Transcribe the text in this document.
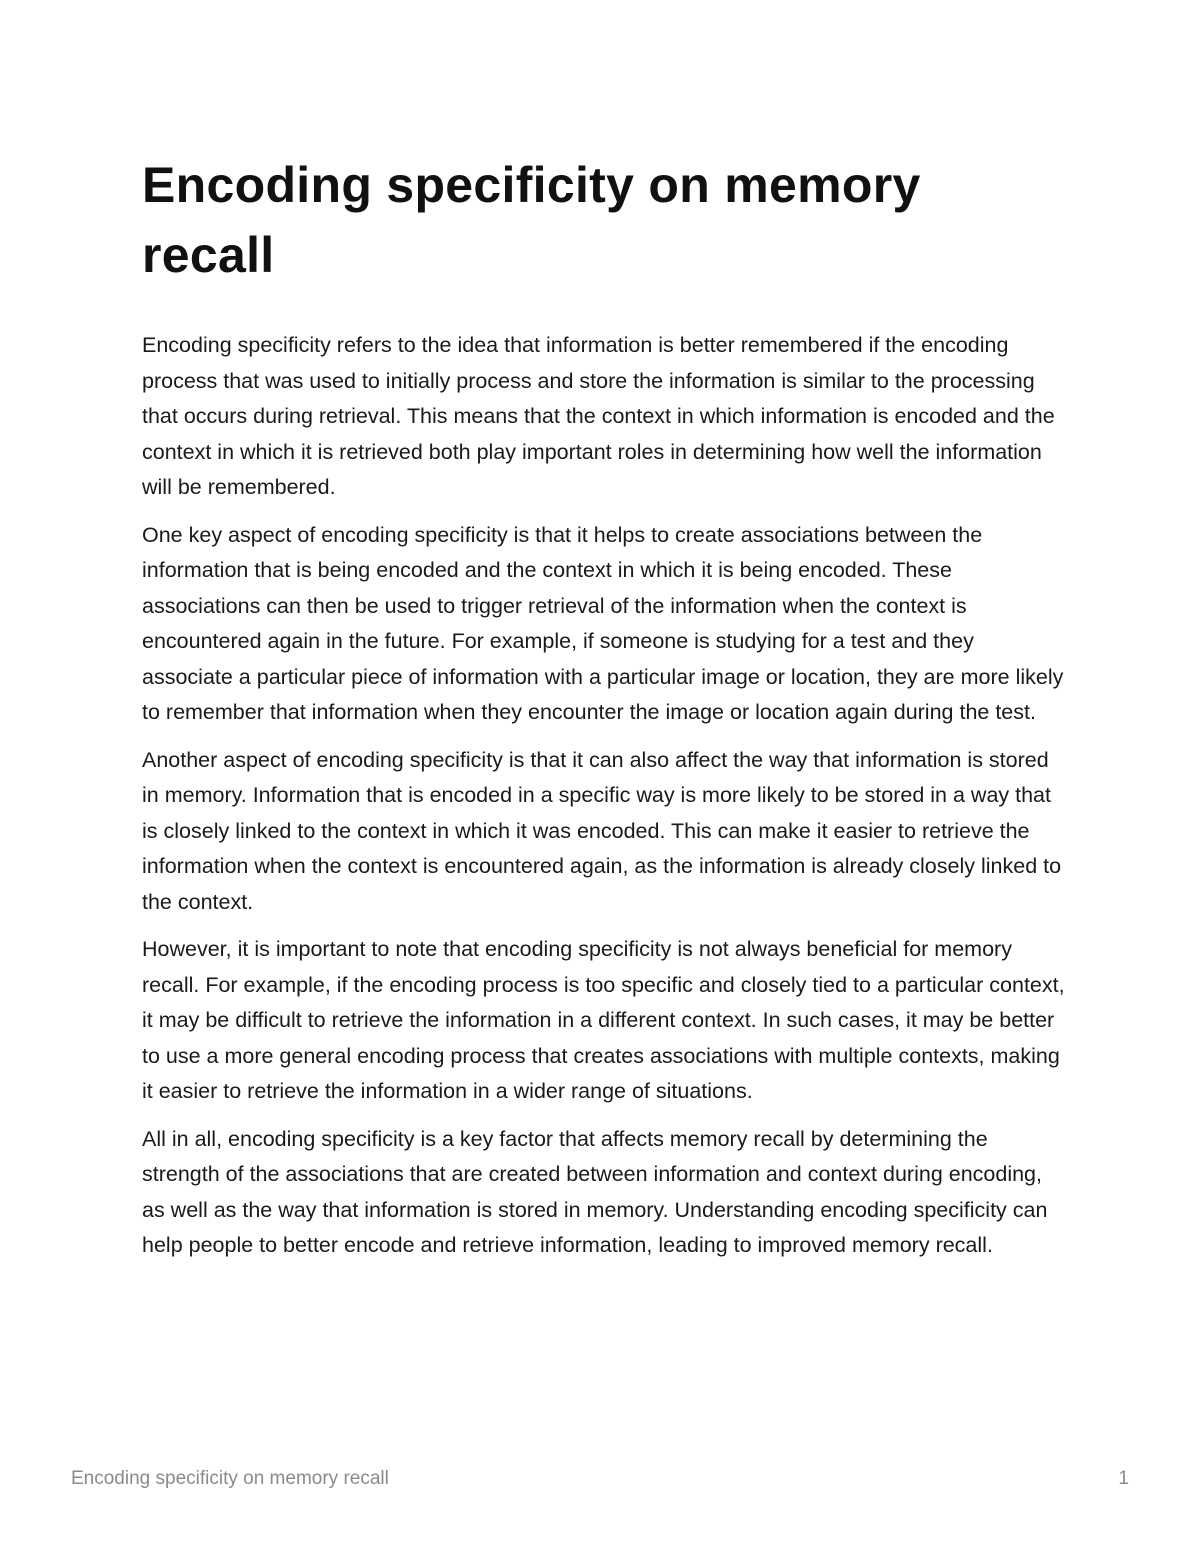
Encoding specificity on memory recall

Encoding specificity refers to the idea that information is better remembered if the encoding process that was used to initially process and store the information is similar to the processing that occurs during retrieval. This means that the context in which information is encoded and the context in which it is retrieved both play important roles in determining how well the information will be remembered.

One key aspect of encoding specificity is that it helps to create associations between the information that is being encoded and the context in which it is being encoded. These associations can then be used to trigger retrieval of the information when the context is encountered again in the future. For example, if someone is studying for a test and they associate a particular piece of information with a particular image or location, they are more likely to remember that information when they encounter the image or location again during the test.

Another aspect of encoding specificity is that it can also affect the way that information is stored in memory. Information that is encoded in a specific way is more likely to be stored in a way that is closely linked to the context in which it was encoded. This can make it easier to retrieve the information when the context is encountered again, as the information is already closely linked to the context.

However, it is important to note that encoding specificity is not always beneficial for memory recall. For example, if the encoding process is too specific and closely tied to a particular context, it may be difficult to retrieve the information in a different context. In such cases, it may be better to use a more general encoding process that creates associations with multiple contexts, making it easier to retrieve the information in a wider range of situations.

All in all, encoding specificity is a key factor that affects memory recall by determining the strength of the associations that are created between information and context during encoding, as well as the way that information is stored in memory. Understanding encoding specificity can help people to better encode and retrieve information, leading to improved memory recall.

Encoding specificity on memory recall	1
